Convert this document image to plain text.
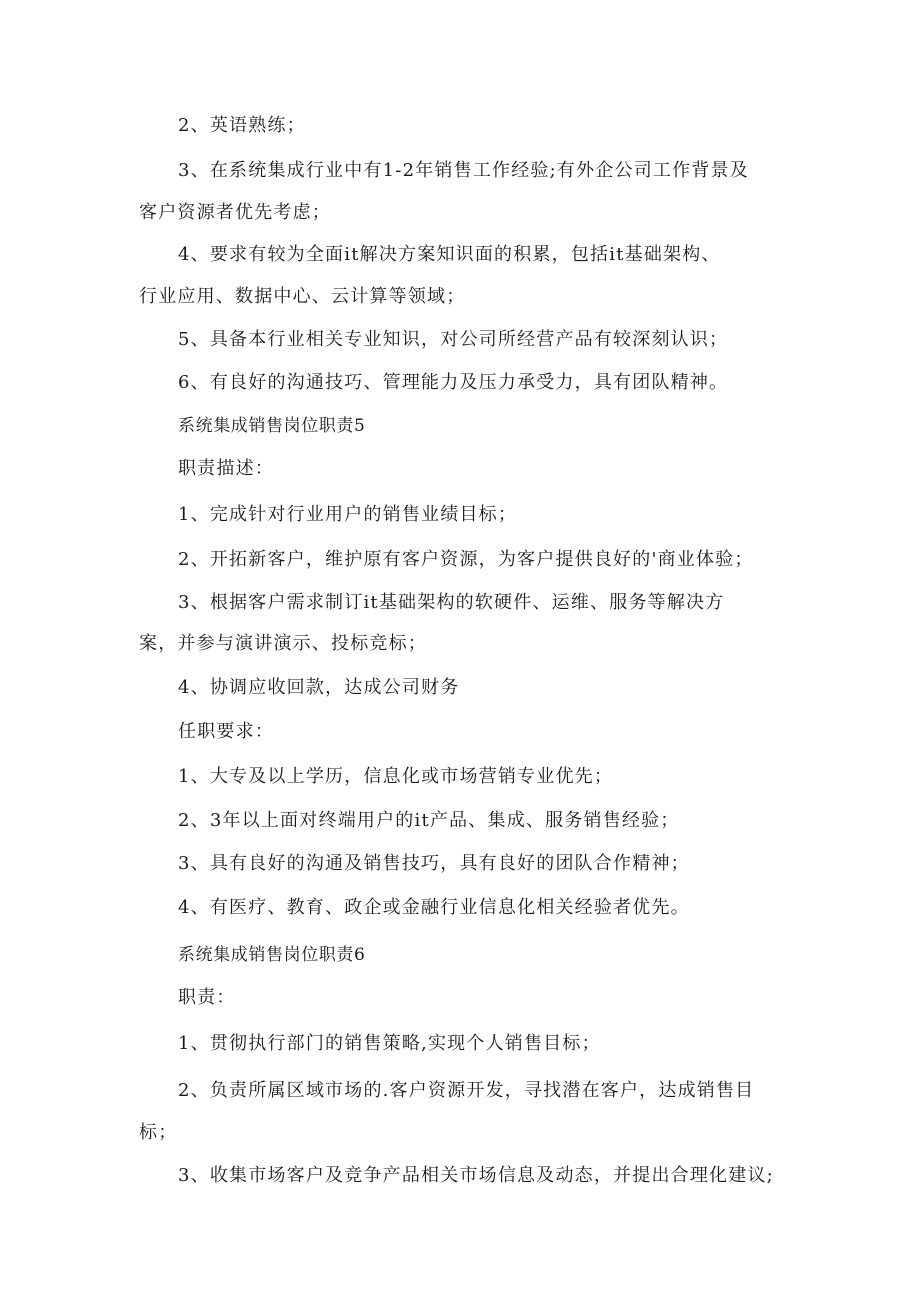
2、英语熟练；
3、在系统集成行业中有1-2年销售工作经验;有外企公司工作背景及
客户资源者优先考虑；
4、要求有较为全面it解决方案知识面的积累，包括it基础架构、
行业应用、数据中心、云计算等领域；
5、具备本行业相关专业知识，对公司所经营产品有较深刻认识；
6、有良好的沟通技巧、管理能力及压力承受力，具有团队精神。
系统集成销售岗位职责5
职责描述：
1、完成针对行业用户的销售业绩目标；
2、开拓新客户，维护原有客户资源，为客户提供良好的'商业体验；
3、根据客户需求制订it基础架构的软硬件、运维、服务等解决方
案，并参与演讲演示、投标竞标；
4、协调应收回款，达成公司财务
任职要求：
1、大专及以上学历，信息化或市场营销专业优先；
2、3年以上面对终端用户的it产品、集成、服务销售经验；
3、具有良好的沟通及销售技巧，具有良好的团队合作精神；
4、有医疗、教育、政企或金融行业信息化相关经验者优先。
系统集成销售岗位职责6
职责：
1、贯彻执行部门的销售策略,实现个人销售目标；
2、负责所属区域市场的.客户资源开发，寻找潜在客户，达成销售目
标；
3、收集市场客户及竞争产品相关市场信息及动态，并提出合理化建议;
